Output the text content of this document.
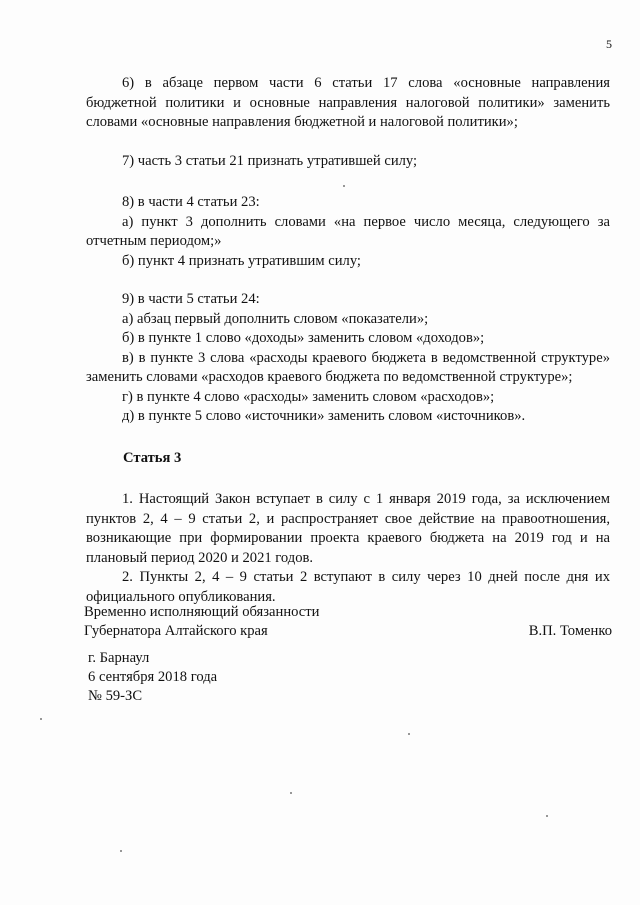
5

6) в абзаце первом части 6 статьи 17 слова «основные направления бюджетной политики и основные направления налоговой политики» заменить словами «основные направления бюджетной и налоговой политики»;

7) часть 3 статьи 21 признать утратившей силу;

8) в части 4 статьи 23:

а) пункт 3 дополнить словами «на первое число месяца, следующего за отчетным периодом;»

б) пункт 4 признать утратившим силу;

9) в части 5 статьи 24:

а) абзац первый дополнить словом «показатели»;

б) в пункте 1 слово «доходы» заменить словом «доходов»;

в) в пункте 3 слова «расходы краевого бюджета в ведомственной структуре» заменить словами «расходов краевого бюджета по ведомственной структуре»;

г) в пункте 4 слово «расходы» заменить словом «расходов»;

д) в пункте 5 слово «источники» заменить словом «источников».

Статья 3

1. Настоящий Закон вступает в силу с 1 января 2019 года, за исключением пунктов 2, 4 – 9 статьи 2, и распространяет свое действие на правоотношения, возникающие при формировании проекта краевого бюджета на 2019 год и на плановый период 2020 и 2021 годов.

2. Пункты 2, 4 – 9 статьи 2 вступают в силу через 10 дней после дня их официального опубликования.

Временно исполняющий обязанности

Губернатора Алтайского края	В.П. Томенко

г. Барнаул

6 сентября 2018 года

№ 59-ЗС
